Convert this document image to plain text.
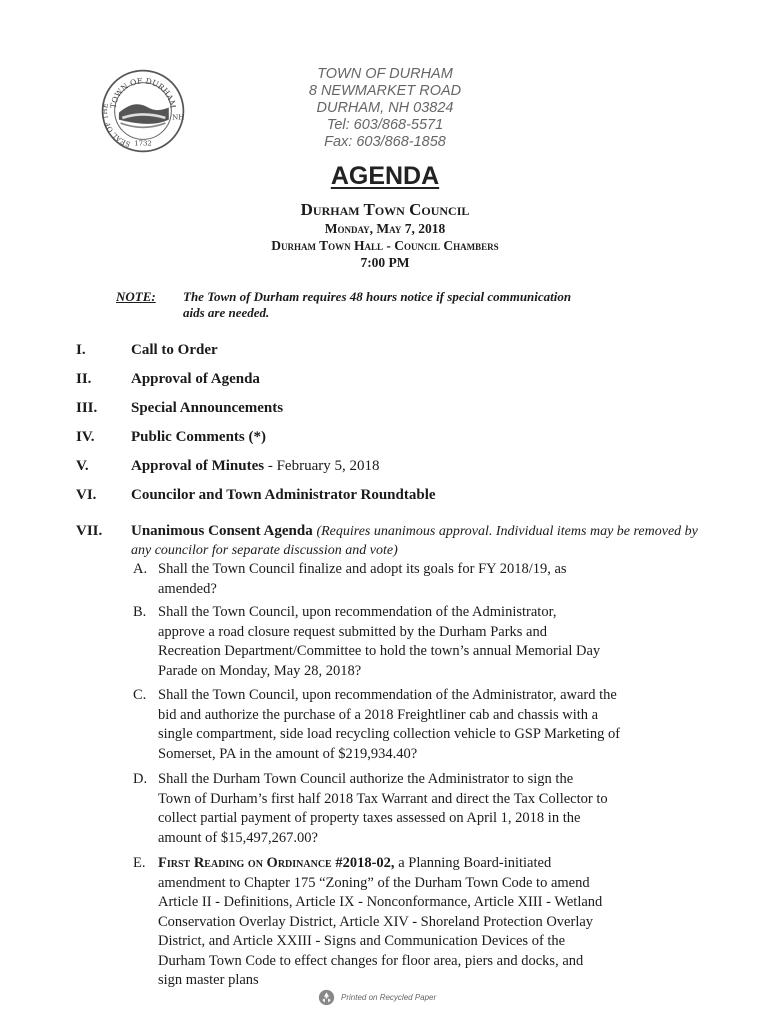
TOWN OF DURHAM
SEAL OF THE
NH
1732
TOWN OF DURHAM
8 NEWMARKET ROAD
DURHAM, NH 03824
Tel: 603/868-5571
Fax: 603/868-1858
AGENDA
Durham Town Council
Monday, May 7, 2018
Durham Town Hall - Council Chambers
7:00 PM
NOTE: The Town of Durham requires 48 hours notice if special communication
aids are needed.
I.	Call to Order
II.	Approval of Agenda
III. Special Announcements
IV. Public Comments (*)
V.	Approval of Minutes - February 5, 2018
VI. Councilor and Town Administrator Roundtable
VII. Unanimous Consent Agenda (Requires unanimous approval. Individual items may be removed by any councilor for separate discussion and vote)
A. Shall the Town Council finalize and adopt its goals for FY 2018/19, as
amended?
B. Shall the Town Council, upon recommendation of the Administrator,
approve a road closure request submitted by the Durham Parks and
Recreation Department/Committee to hold the town’s annual Memorial Day
Parade on Monday, May 28, 2018?
C. Shall the Town Council, upon recommendation of the Administrator, award the
bid and authorize the purchase of a 2018 Freightliner cab and chassis with a
single compartment, side load recycling collection vehicle to GSP Marketing of
Somerset, PA in the amount of $219,934.40?
D. Shall the Durham Town Council authorize the Administrator to sign the
Town of Durham’s first half 2018 Tax Warrant and direct the Tax Collector to
collect partial payment of property taxes assessed on April 1, 2018 in the
amount of $15,497,267.00?
E. First Reading on Ordinance #2018-02, a Planning Board-initiated
amendment to Chapter 175 “Zoning” of the Durham Town Code to amend
Article II - Definitions, Article IX - Nonconformance, Article XIII - Wetland
Conservation Overlay District, Article XIV - Shoreland Protection Overlay
District, and Article XXIII - Signs and Communication Devices of the
Durham Town Code to effect changes for floor area, piers and docks, and
sign master plans
Printed on Recycled Paper
